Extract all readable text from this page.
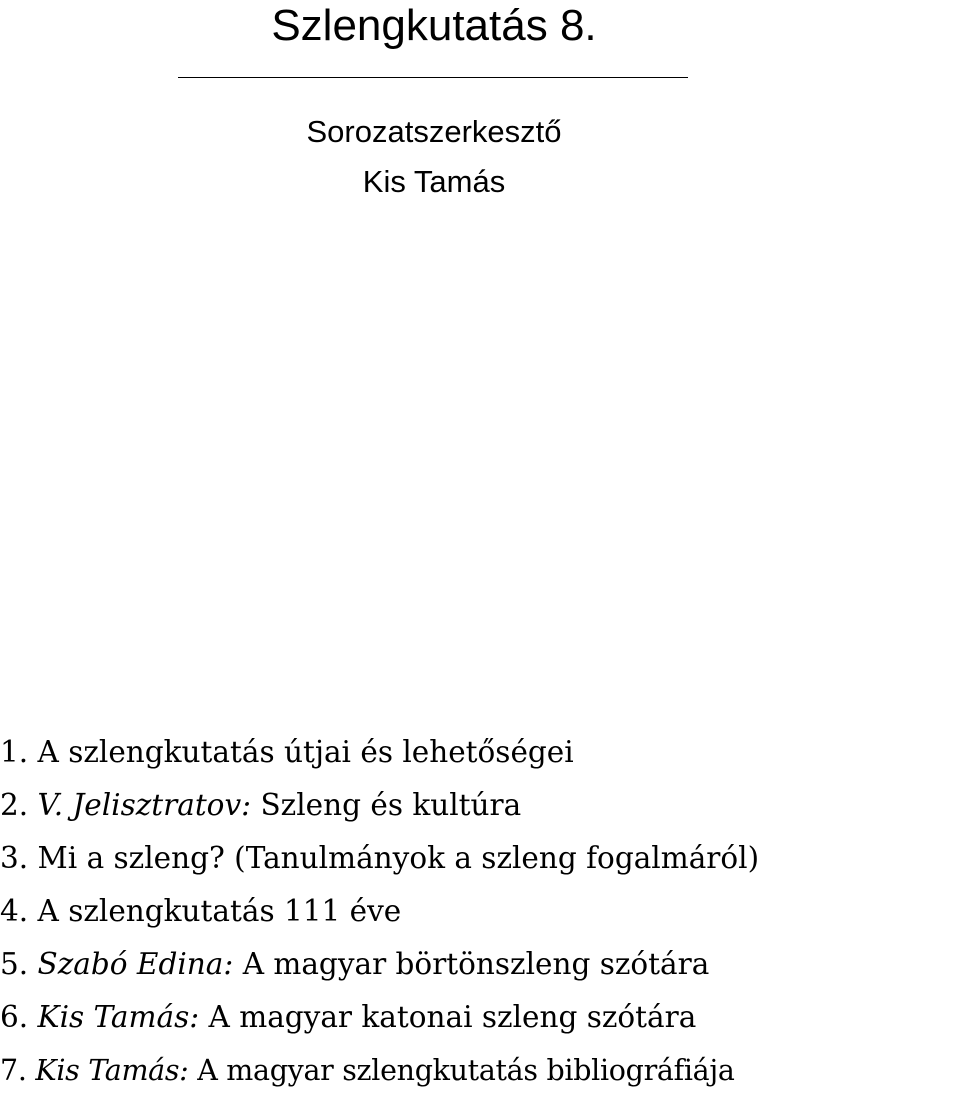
Szlengkutatás 8.
Sorozatszerkesztő
Kis Tamás
1. A szlengkutatás útjai és lehetőségei
2. V. Jelisztratov: Szleng és kultúra
3. Mi a szleng? (Tanulmányok a szleng fogalmáról)
4. A szlengkutatás 111 éve
5. Szabó Edina: A magyar börtönszleng szótára
6. Kis Tamás: A magyar katonai szleng szótára
7. Kis Tamás: A magyar szlengkutatás bibliográfiája
